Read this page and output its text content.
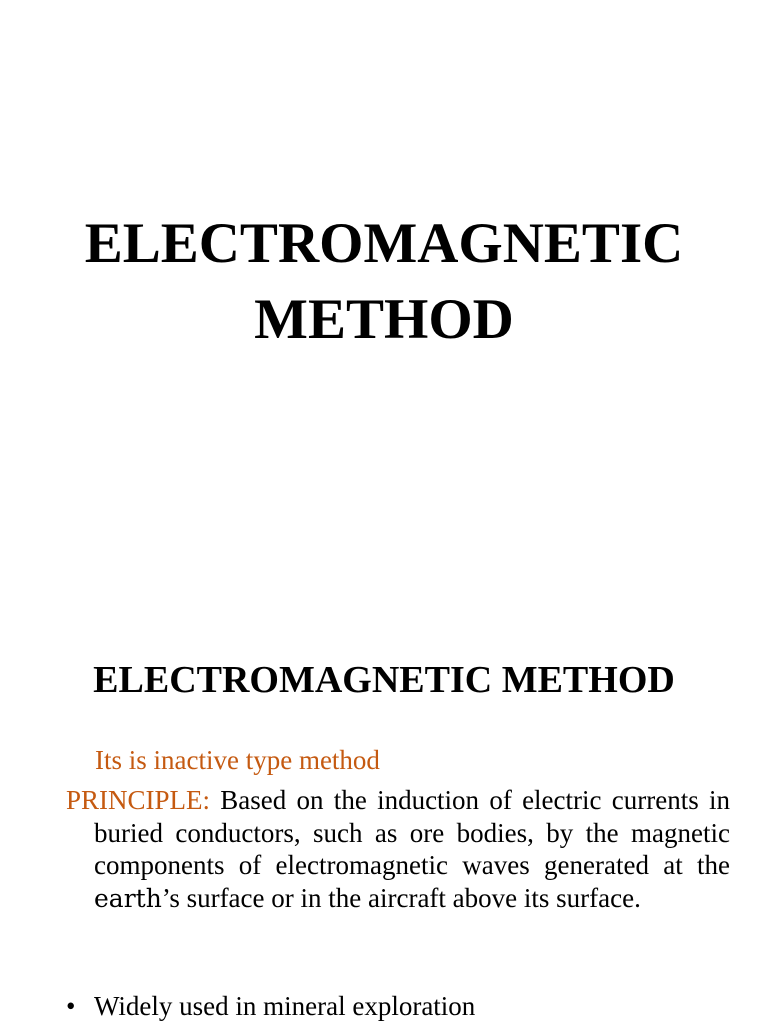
ELECTROMAGNETIC
METHOD
ELECTROMAGNETIC METHOD
Its is inactive type method

PRINCIPLE: Based on the induction of electric currents in buried conductors, such as ore bodies, by the magnetic components of electromagnetic waves generated at the earth’s surface or in the aircraft above its surface.

• Widely used in mineral exploration
